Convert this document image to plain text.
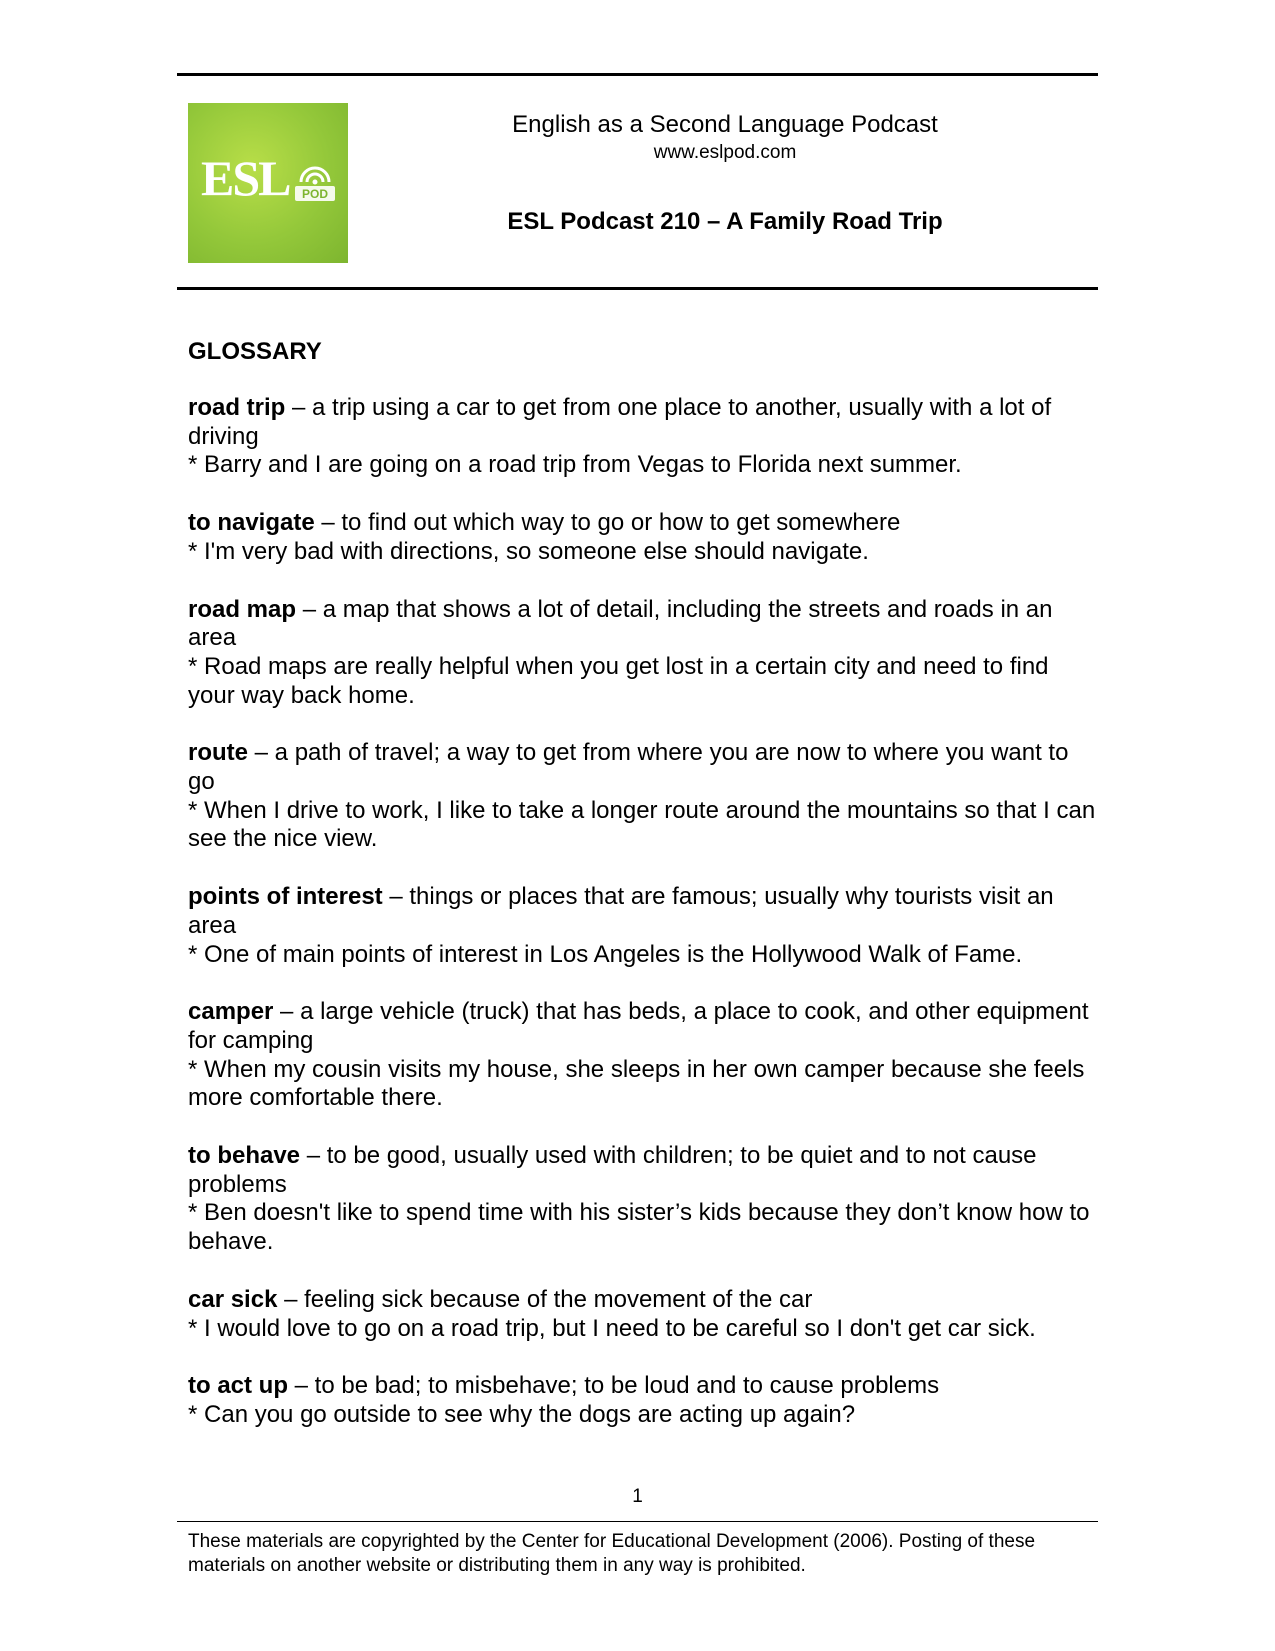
ESL POD
English as a Second Language Podcast
www.eslpod.com
ESL Podcast 210 – A Family Road Trip
GLOSSARY

road trip – a trip using a car to get from one place to another, usually with a lot of driving

* Barry and I are going on a road trip from Vegas to Florida next summer.

to navigate – to find out which way to go or how to get somewhere

* I'm very bad with directions, so someone else should navigate.

road map – a map that shows a lot of detail, including the streets and roads in an area

* Road maps are really helpful when you get lost in a certain city and need to find your way back home.

route – a path of travel; a way to get from where you are now to where you want to go

* When I drive to work, I like to take a longer route around the mountains so that I can see the nice view.

points of interest – things or places that are famous; usually why tourists visit an area

* One of main points of interest in Los Angeles is the Hollywood Walk of Fame.

camper – a large vehicle (truck) that has beds, a place to cook, and other equipment for camping

* When my cousin visits my house, she sleeps in her own camper because she feels more comfortable there.

to behave – to be good, usually used with children; to be quiet and to not cause problems

* Ben doesn't like to spend time with his sister’s kids because they don’t know how to behave.

car sick – feeling sick because of the movement of the car

* I would love to go on a road trip, but I need to be careful so I don't get car sick.

to act up – to be bad; to misbehave; to be loud and to cause problems

* Can you go outside to see why the dogs are acting up again?

1
These materials are copyrighted by the Center for Educational Development (2006). Posting of these materials on another website or distributing them in any way is prohibited.
